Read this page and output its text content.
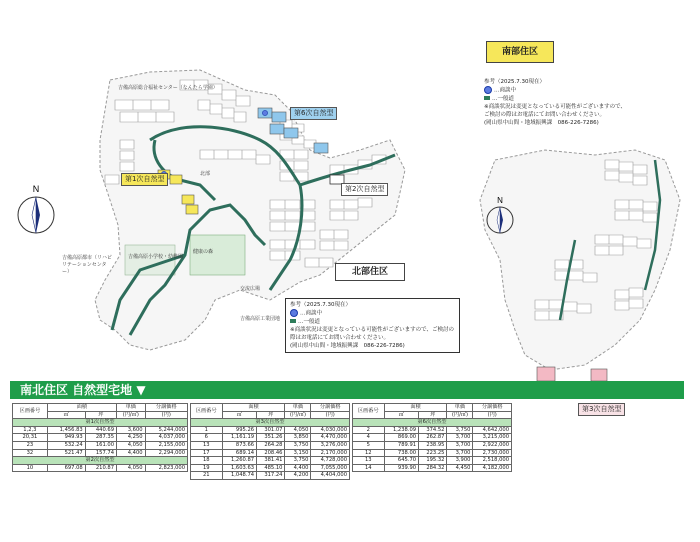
N
第1次自然型
第6次自然型
第2次自然型
吉備高原総合福祉センター（なんたら学園）
吉備高原小学校・幼稚園
吉備高原都市（リハビリテーションセンター）
北部
健康の森
交流広場
吉備高原工業団地
北部住区
参考（2025.7.30現在）
…商談中
…一般道
※商談状況は変更となっている可能性がございますので、ご検討の際はお電話にてお問い合わせください。
(岡山県中山間・地域振興課　086-226-7286)
南部住区
参考（2025.7.30現在）
…商談中
…一般道
※商談状況は変更となっている可能性がございますので、
ご検討の際はお電話にてお問い合わせください。
(岡山県中山間・地域振興課　086-226-7286)
N
第3次自然型
南北住区 自然型宅地 ▼
区画番号	面積		単価	分譲価格
	㎡	坪	(円/㎡)	(円)
第1次自然型				
1,2,3	1,456.83	440.69	3,600	5,244,000
20,31	949.93	287.35	4,250	4,037,000
23	532.24	161.00	4,050	2,155,000
32	521.47	157.74	4,400	2,294,000
第2次自然型				
10	697.08	210.87	4,050	2,823,000
区画番号	面積		単価	分譲価格
	㎡	坪	(円/㎡)	(円)
第3次自然型				
1	995.26	301.07	4,050	4,030,000
6	1,161.19	351.26	3,850	4,470,000
13	873.66	264.28	3,750	3,276,000
17	689.14	208.46	3,150	2,170,000
18	1,260.87	381.41	3,750	4,728,000
19	1,603.63	485.10	4,400	7,055,000
21	1,048.74	317.24	4,200	4,404,000
区画番号	面積		単価	分譲価格
	㎡	坪	(円/㎡)	(円)
第6次自然型				
2	1,238.09	374.52	3,750	4,642,000
4	869.00	262.87	3,700	3,215,000
5	789.91	238.95	3,700	2,922,000
12	738.00	223.25	3,700	2,730,000
13	645.70	195.32	3,900	2,518,000
14	939.90	284.32	4,450	4,182,000
